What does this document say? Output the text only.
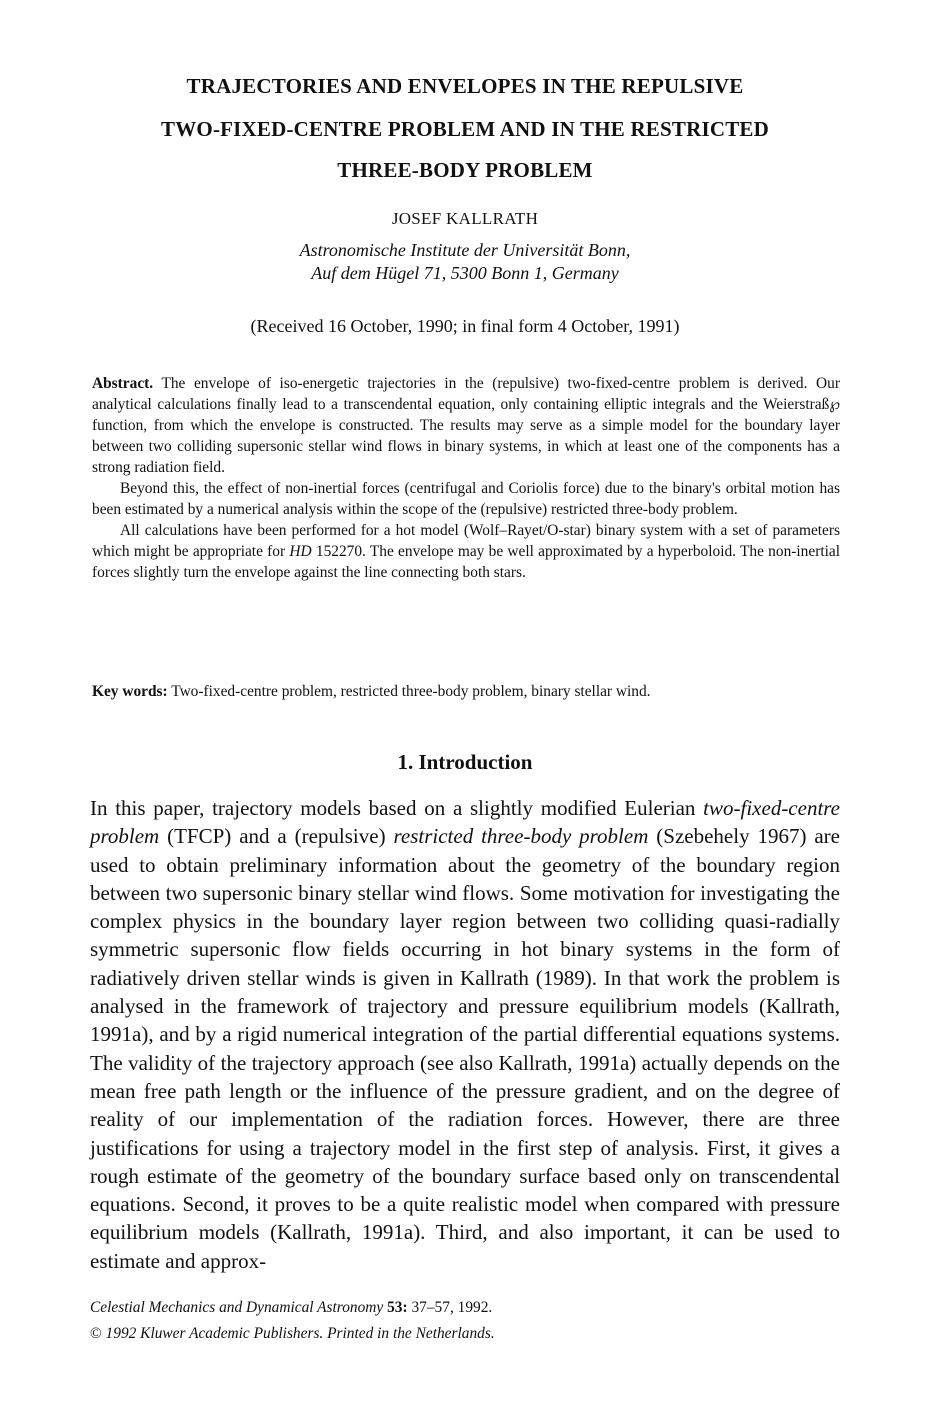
TRAJECTORIES AND ENVELOPES IN THE REPULSIVE
TWO-FIXED-CENTRE PROBLEM AND IN THE RESTRICTED
THREE-BODY PROBLEM
JOSEF KALLRATH
Astronomische Institute der Universität Bonn,
Auf dem Hügel 71, 5300 Bonn 1, Germany
(Received 16 October, 1990; in final form 4 October, 1991)

Abstract. The envelope of iso-energetic trajectories in the (repulsive) two-fixed-centre problem is derived. Our analytical calculations finally lead to a transcendental equation, only containing elliptic integrals and the Weierstraß℘ function, from which the envelope is constructed. The results may serve as a simple model for the boundary layer between two colliding supersonic stellar wind flows in binary systems, in which at least one of the components has a strong radiation field.

Beyond this, the effect of non-inertial forces (centrifugal and Coriolis force) due to the binary's orbital motion has been estimated by a numerical analysis within the scope of the (repulsive) restricted three-body problem.

All calculations have been performed for a hot model (Wolf–Rayet/O-star) binary system with a set of parameters which might be appropriate for HD 152270. The envelope may be well approximated by a hyperboloid. The non-inertial forces slightly turn the envelope against the line connecting both stars.

Key words: Two-fixed-centre problem, restricted three-body problem, binary stellar wind.
1. Introduction

In this paper, trajectory models based on a slightly modified Eulerian two-fixed-centre problem (TFCP) and a (repulsive) restricted three-body problem (Szebehely 1967) are used to obtain preliminary information about the geometry of the boundary region between two supersonic binary stellar wind flows. Some motivation for investigating the complex physics in the boundary layer region between two colliding quasi-radially symmetric supersonic flow fields occurring in hot binary systems in the form of radiatively driven stellar winds is given in Kallrath (1989). In that work the problem is analysed in the framework of trajectory and pressure equilibrium models (Kallrath, 1991a), and by a rigid numerical integration of the partial differential equations systems. The validity of the trajectory approach (see also Kallrath, 1991a) actually depends on the mean free path length or the influence of the pressure gradient, and on the degree of reality of our implementation of the radiation forces. However, there are three justifications for using a trajectory model in the first step of analysis. First, it gives a rough estimate of the geometry of the boundary surface based only on transcendental equations. Second, it proves to be a quite realistic model when compared with pressure equilibrium models (Kallrath, 1991a). Third, and also important, it can be used to estimate and approx-

Celestial Mechanics and Dynamical Astronomy 53: 37–57, 1992.
© 1992 Kluwer Academic Publishers. Printed in the Netherlands.
